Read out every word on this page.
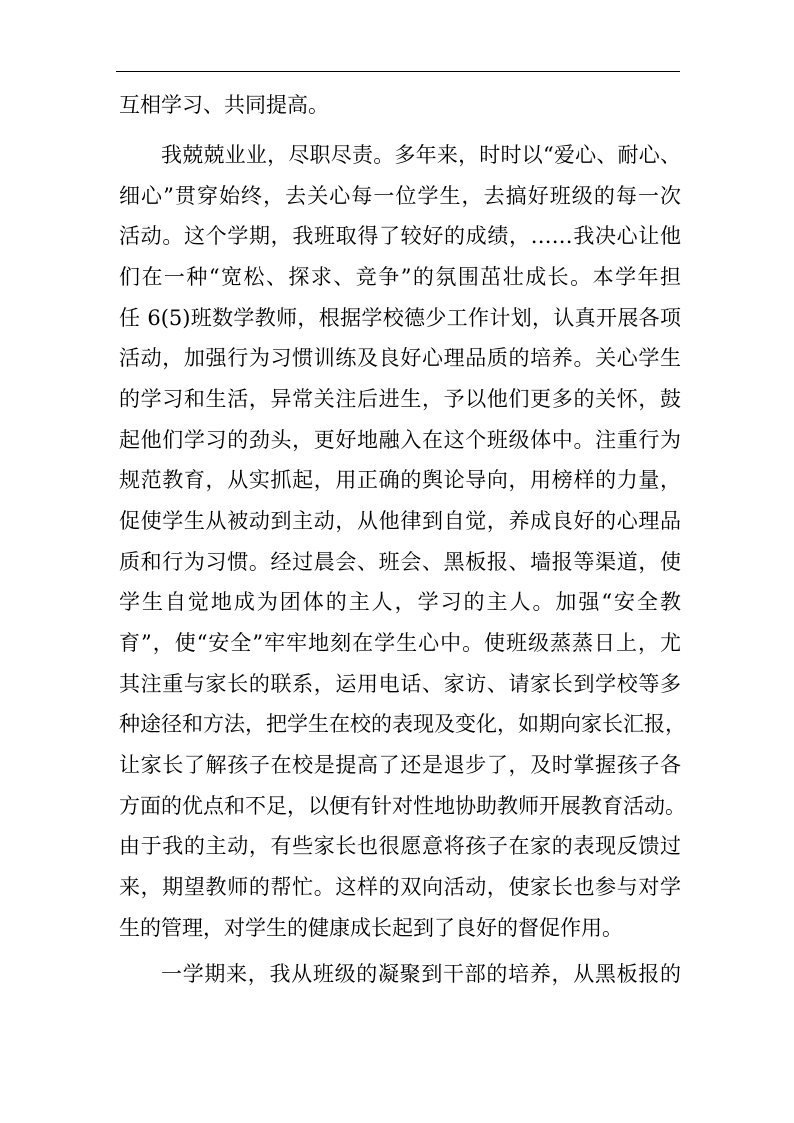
互相学习、共同提高。
我兢兢业业，尽职尽责。多年来，时时以“爱心、耐心、
细心”贯穿始终，去关心每一位学生，去搞好班级的每一次
活动。这个学期，我班取得了较好的成绩，……我决心让他
们在一种“宽松、探求、竞争”的氛围茁壮成长。本学年担
任 6(5)班数学教师，根据学校德少工作计划，认真开展各项
活动，加强行为习惯训练及良好心理品质的培养。关心学生
的学习和生活，异常关注后进生，予以他们更多的关怀，鼓
起他们学习的劲头，更好地融入在这个班级体中。注重行为
规范教育，从实抓起，用正确的舆论导向，用榜样的力量，
促使学生从被动到主动，从他律到自觉，养成良好的心理品
质和行为习惯。经过晨会、班会、黑板报、墙报等渠道，使
学生自觉地成为团体的主人，学习的主人。加强“安全教
育”，使“安全”牢牢地刻在学生心中。使班级蒸蒸日上，尤
其注重与家长的联系，运用电话、家访、请家长到学校等多
种途径和方法，把学生在校的表现及变化，如期向家长汇报，
让家长了解孩子在校是提高了还是退步了，及时掌握孩子各
方面的优点和不足，以便有针对性地协助教师开展教育活动。
由于我的主动，有些家长也很愿意将孩子在家的表现反馈过
来，期望教师的帮忙。这样的双向活动，使家长也参与对学
生的管理，对学生的健康成长起到了良好的督促作用。
一学期来，我从班级的凝聚到干部的培养，从黑板报的
